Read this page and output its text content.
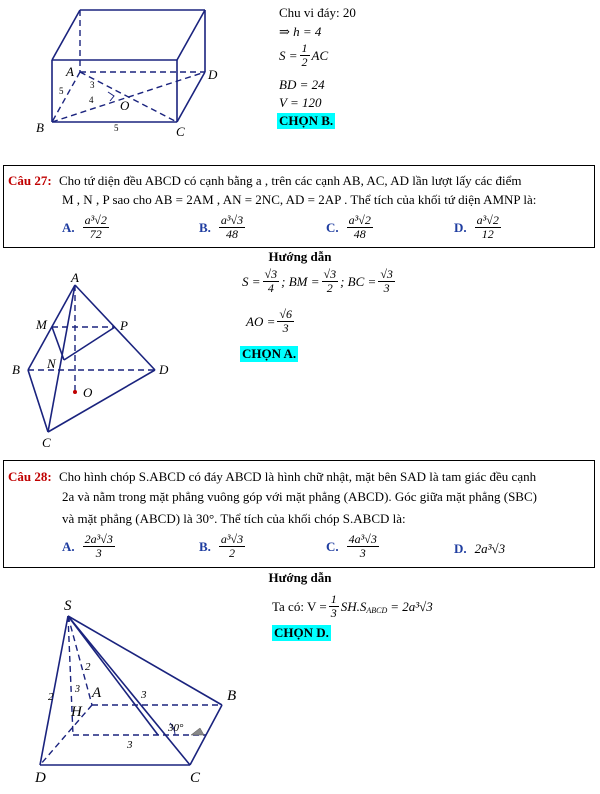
A	D
B	C
O
5
3
4
5
Chu vi đáy: 20
⇒ h = 4
$S = \frac{1}{2}$ AC
BD = 24
V = 120
CHỌN B.
Câu 27: Cho tứ diện đều ABCD có cạnh bằng a , trên các cạnh AB, AC, AD lần lượt lấy các điểm
M , N , P sao cho AB = 2AM , AN = 2NC, AD = 2AP . Thể tích của khối tứ diện AMNP là:
A. $\frac{\text{a³√2}}{72}$	B. $\frac{\text{a³√3}}{48}$	C. $\frac{\text{a³√2}}{48}$	D. $\frac{\text{a³√2}}{12}$
Hướng dẫn
A
M	P
N
B	D
O
C
$S = \frac{√3}{4}$ ; BM = $\frac{√3}{2}$ ; BC = $\frac{√3}{3}$
AO = $\frac{√6}{3}$
CHỌN A.
Câu 28: Cho hình chóp S.ABCD có đáy ABCD là hình chữ nhật, mặt bên SAD là tam giác đều cạnh
2a và nằm trong mặt phẳng vuông góp với mặt phẳng (ABCD). Góc giữa mặt phẳng (SBC)
và mặt phẳng (ABCD) là 30°. Thể tích của khối chóp S.ABCD là:
A. $\frac{\text{2a³√3}}{3}$	B. $\frac{\text{a³√3}}{2}$	C. $\frac{\text{4a³√3}}{3}$	D. 2a³√3
Hướng dẫn
S
A	B
H
D	C
2
2
3	3
3
30°
Ta có: $V = \frac{1}{3} SH.S$ ABCD = 2a³√3
CHỌN D.
